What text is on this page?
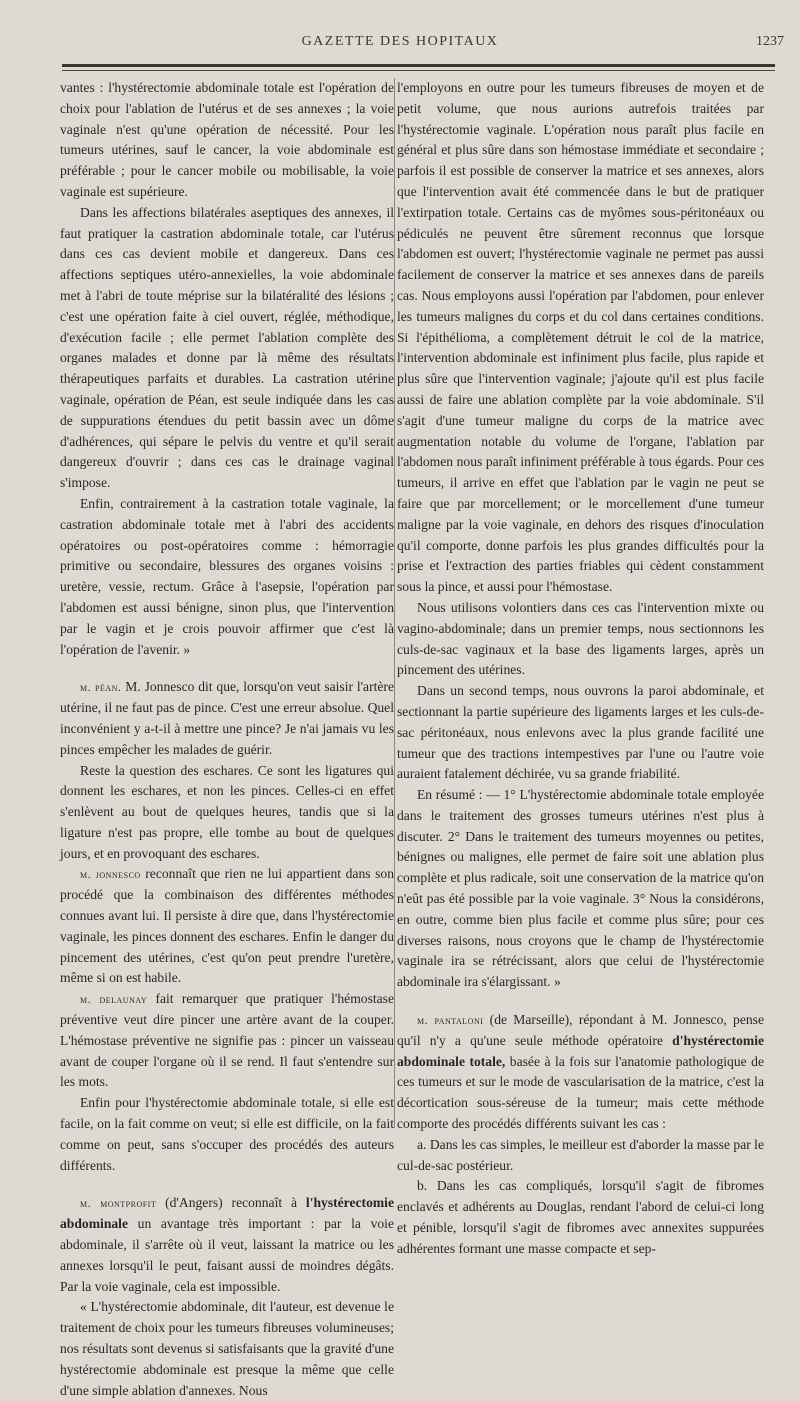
GAZETTE DES HOPITAUX	1237

vantes : l'hystérectomie abdominale totale est l'opération de choix pour l'ablation de l'utérus et de ses annexes ; la voie vaginale n'est qu'une opération de nécessité. Pour les tumeurs utérines, sauf le cancer, la voie abdominale est préférable ; pour le cancer mobile ou mobilisable, la voie vaginale est supérieure.

Dans les affections bilatérales aseptiques des annexes, il faut pratiquer la castration abdominale totale, car l'utérus dans ces cas devient mobile et dangereux. Dans ces affections septiques utéro-annexielles, la voie abdominale met à l'abri de toute méprise sur la bilatéralité des lésions ; c'est une opération faite à ciel ouvert, réglée, méthodique, d'exécution facile ; elle permet l'ablation complète des organes malades et donne par là même des résultats thérapeutiques parfaits et durables. La castration utérine vaginale, opération de Péan, est seule indiquée dans les cas de suppurations étendues du petit bassin avec un dôme d'adhérences, qui sépare le pelvis du ventre et qu'il serait dangereux d'ouvrir ; dans ces cas le drainage vaginal s'impose.

Enfin, contrairement à la castration totale vaginale, la castration abdominale totale met à l'abri des accidents opératoires ou post-opératoires comme : hémorragie primitive ou secondaire, blessures des organes voisins : uretère, vessie, rectum. Grâce à l'asepsie, l'opération par l'abdomen est aussi bénigne, sinon plus, que l'intervention par le vagin et je crois pouvoir affirmer que c'est là l'opération de l'avenir. »

m. péan. M. Jonnesco dit que, lorsqu'on veut saisir l'artère utérine, il ne faut pas de pince. C'est une erreur absolue. Quel inconvénient y a-t-il à mettre une pince? Je n'ai jamais vu les pinces empêcher les malades de guérir.

Reste la question des eschares. Ce sont les ligatures qui donnent les eschares, et non les pinces. Celles-ci en effet s'enlèvent au bout de quelques heures, tandis que si la ligature n'est pas propre, elle tombe au bout de quelques jours, et en provoquant des eschares.

m. jonnesco reconnaît que rien ne lui appartient dans son procédé que la combinaison des différentes méthodes connues avant lui. Il persiste à dire que, dans l'hystérectomie vaginale, les pinces donnent des eschares. Enfin le danger du pincement des utérines, c'est qu'on peut prendre l'uretère, même si on est habile.

m. delaunay fait remarquer que pratiquer l'hémostase préventive veut dire pincer une artère avant de la couper. L'hémostase préventive ne signifie pas : pincer un vaisseau avant de couper l'organe où il se rend. Il faut s'entendre sur les mots.

Enfin pour l'hystérectomie abdominale totale, si elle est facile, on la fait comme on veut; si elle est difficile, on la fait comme on peut, sans s'occuper des procédés des auteurs différents.

m. montprofit (d'Angers) reconnaît à l'hystérectomie abdominale un avantage très important : par la voie abdominale, il s'arrête où il veut, laissant la matrice ou les annexes lorsqu'il le peut, faisant aussi de moindres dégâts. Par la voie vaginale, cela est impossible.

« L'hystérectomie abdominale, dit l'auteur, est devenue le traitement de choix pour les tumeurs fibreuses volumineuses; nos résultats sont devenus si satisfaisants que la gravité d'une hystérectomie abdominale est presque la même que celle d'une simple ablation d'annexes. Nous

l'employons en outre pour les tumeurs fibreuses de moyen et de petit volume, que nous aurions autrefois traitées par l'hystérectomie vaginale. L'opération nous paraît plus facile en général et plus sûre dans son hémostase immédiate et secondaire ; parfois il est possible de conserver la matrice et ses annexes, alors que l'intervention avait été commencée dans le but de pratiquer l'extirpation totale. Certains cas de myômes sous-péritonéaux ou pédiculés ne peuvent être sûrement reconnus que lorsque l'abdomen est ouvert; l'hystérectomie vaginale ne permet pas aussi facilement de conserver la matrice et ses annexes dans de pareils cas. Nous employons aussi l'opération par l'abdomen, pour enlever les tumeurs malignes du corps et du col dans certaines conditions. Si l'épithélioma, a complètement détruit le col de la matrice, l'intervention abdominale est infiniment plus facile, plus rapide et plus sûre que l'intervention vaginale; j'ajoute qu'il est plus facile aussi de faire une ablation complète par la voie abdominale. S'il s'agit d'une tumeur maligne du corps de la matrice avec augmentation notable du volume de l'organe, l'ablation par l'abdomen nous paraît infiniment préférable à tous égards. Pour ces tumeurs, il arrive en effet que l'ablation par le vagin ne peut se faire que par morcellement; or le morcellement d'une tumeur maligne par la voie vaginale, en dehors des risques d'inoculation qu'il comporte, donne parfois les plus grandes difficultés pour la prise et l'extraction des parties friables qui cèdent constamment sous la pince, et aussi pour l'hémostase.

Nous utilisons volontiers dans ces cas l'intervention mixte ou vagino-abdominale; dans un premier temps, nous sectionnons les culs-de-sac vaginaux et la base des ligaments larges, après un pincement des utérines.

Dans un second temps, nous ouvrons la paroi abdominale, et sectionnant la partie supérieure des ligaments larges et les culs-de-sac péritonéaux, nous enlevons avec la plus grande facilité une tumeur que des tractions intempestives par l'une ou l'autre voie auraient fatalement déchirée, vu sa grande friabilité.

En résumé : — 1° L'hystérectomie abdominale totale employée dans le traitement des grosses tumeurs utérines n'est plus à discuter. 2° Dans le traitement des tumeurs moyennes ou petites, bénignes ou malignes, elle permet de faire soit une ablation plus complète et plus radicale, soit une conservation de la matrice qu'on n'eût pas été possible par la voie vaginale. 3° Nous la considérons, en outre, comme bien plus facile et comme plus sûre; pour ces diverses raisons, nous croyons que le champ de l'hystérectomie vaginale ira se rétrécissant, alors que celui de l'hystérectomie abdominale ira s'élargissant. »

m. pantaloni (de Marseille), répondant à M. Jonnesco, pense qu'il n'y a qu'une seule méthode opératoire d'hystérectomie abdominale totale, basée à la fois sur l'anatomie pathologique de ces tumeurs et sur le mode de vascularisation de la matrice, c'est la décortication sous-séreuse de la tumeur; mais cette méthode comporte des procédés différents suivant les cas :

a. Dans les cas simples, le meilleur est d'aborder la masse par le cul-de-sac postérieur.

b. Dans les cas compliqués, lorsqu'il s'agit de fibromes enclavés et adhérents au Douglas, rendant l'abord de celui-ci long et pénible, lorsqu'il s'agit de fibromes avec annexites suppurées adhérentes formant une masse compacte et sep-
